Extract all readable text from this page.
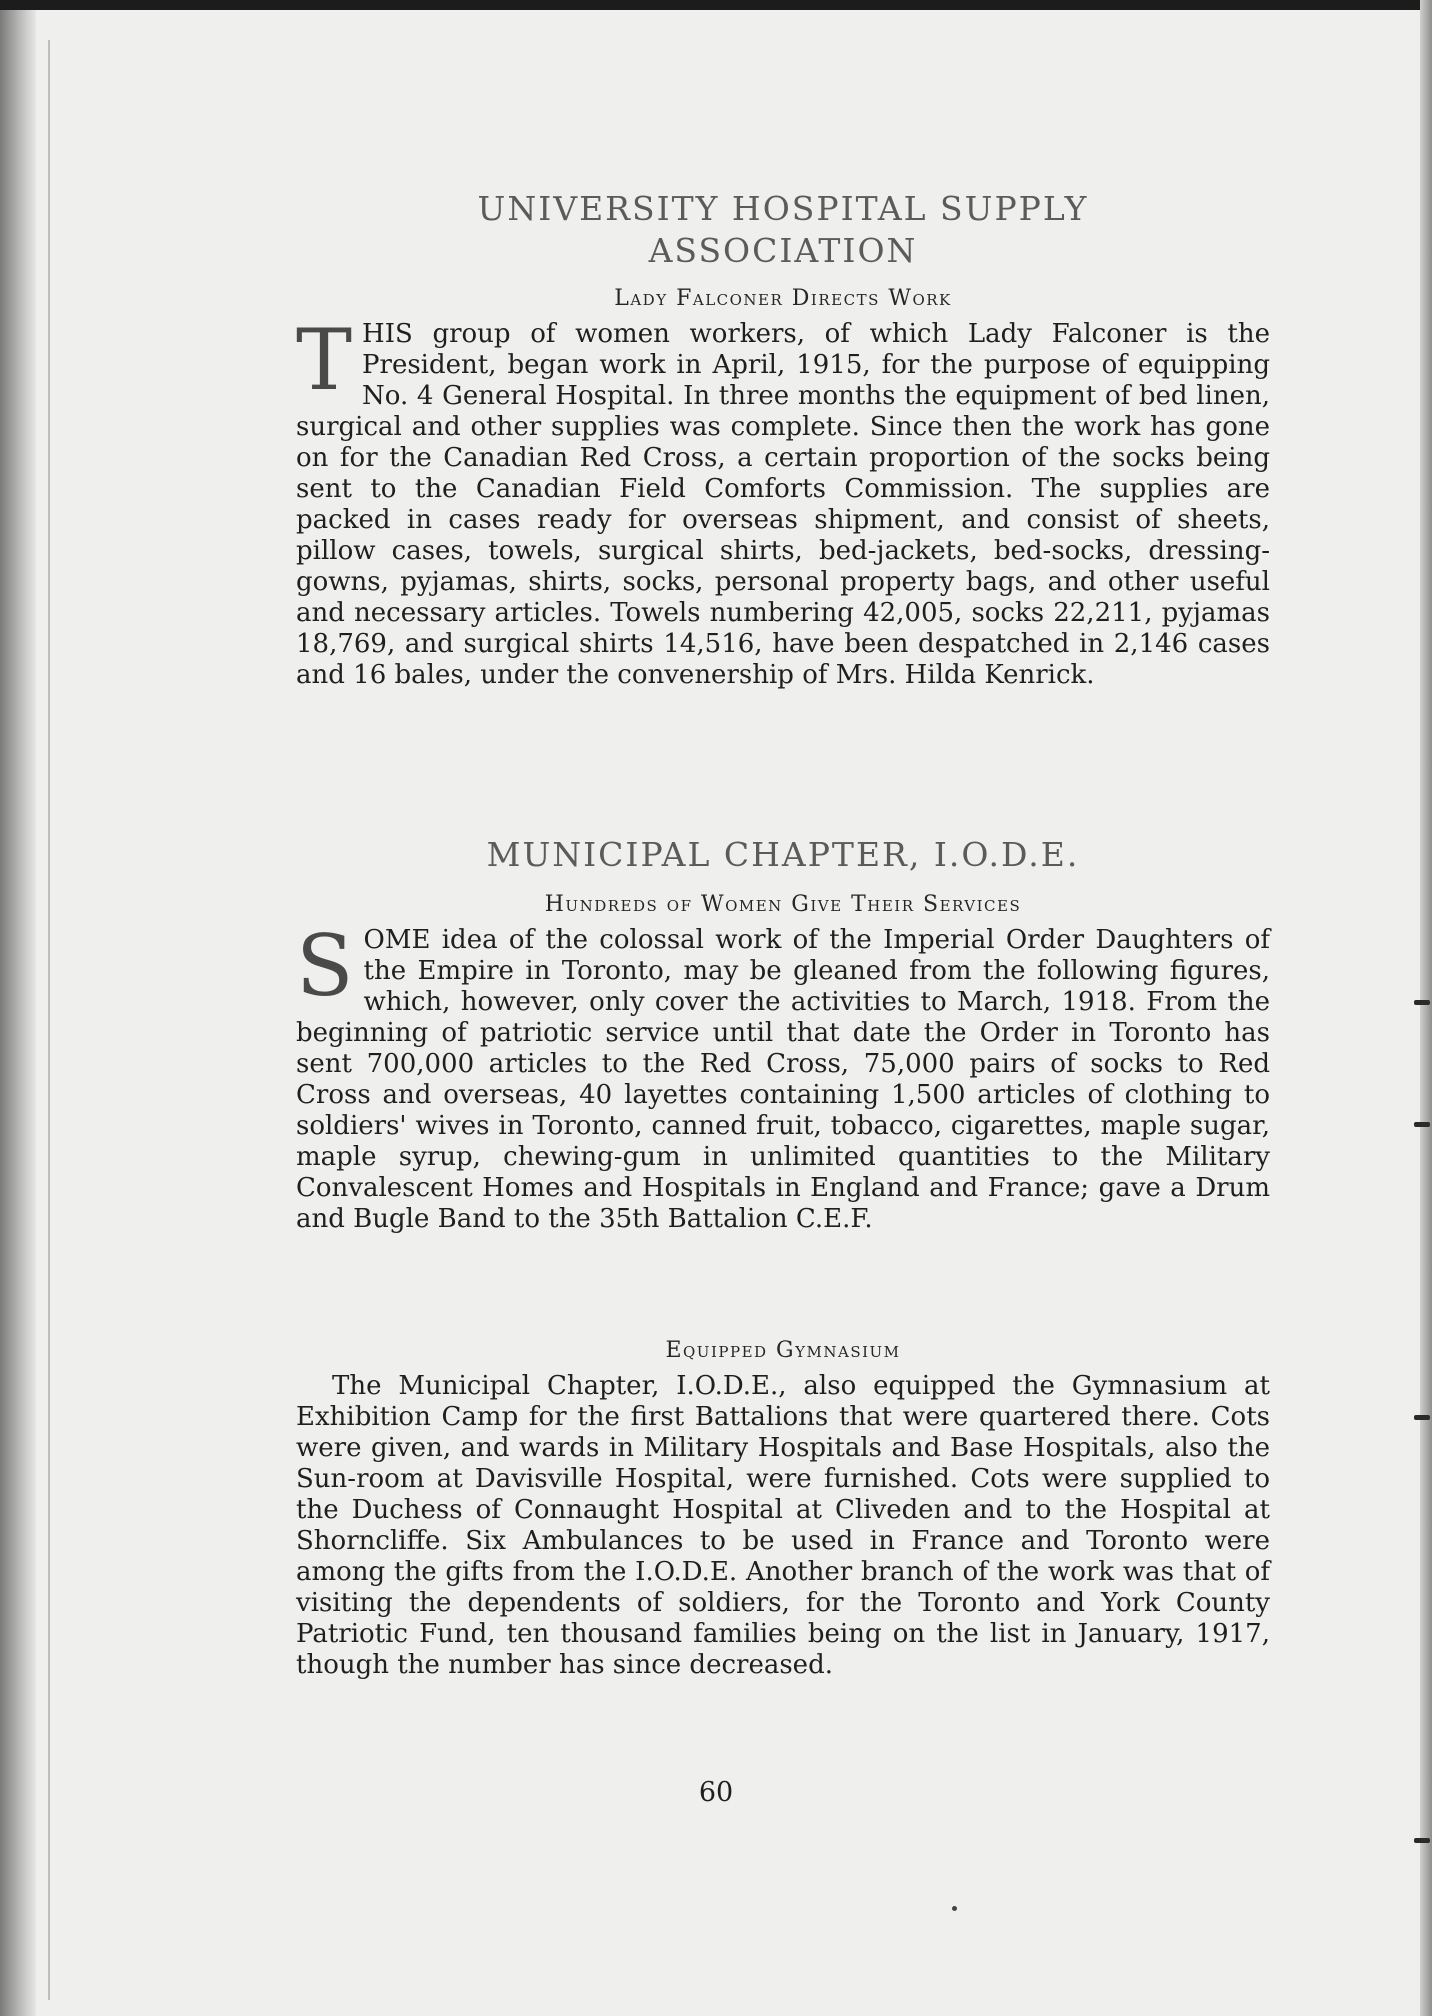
UNIVERSITY HOSPITAL SUPPLY
ASSOCIATION
Lady Falconer Directs Work

THIS group of women workers, of which Lady Falconer is the President, began work in April, 1915, for the purpose of equipping No. 4 General Hospital. In three months the equipment of bed linen, surgical and other supplies was complete. Since then the work has gone on for the Canadian Red Cross, a certain proportion of the socks being sent to the Canadian Field Comforts Commission. The supplies are packed in cases ready for overseas shipment, and consist of sheets, pillow cases, towels, surgical shirts, bed-jackets, bed-socks, dressing-gowns, pyjamas, shirts, socks, personal property bags, and other useful and necessary articles. Towels numbering 42,005, socks 22,211, pyjamas 18,769, and surgical shirts 14,516, have been despatched in 2,146 cases and 16 bales, under the convenership of Mrs. Hilda Kenrick.

MUNICIPAL CHAPTER, I.O.D.E.
Hundreds of Women Give Their Services

SOME idea of the colossal work of the Imperial Order Daughters of the Empire in Toronto, may be gleaned from the following figures, which, however, only cover the activities to March, 1918. From the beginning of patriotic service until that date the Order in Toronto has sent 700,000 articles to the Red Cross, 75,000 pairs of socks to Red Cross and overseas, 40 layettes containing 1,500 articles of clothing to soldiers' wives in Toronto, canned fruit, tobacco, cigarettes, maple sugar, maple syrup, chewing-gum in unlimited quantities to the Military Convalescent Homes and Hospitals in England and France; gave a Drum and Bugle Band to the 35th Battalion C.E.F.

Equipped Gymnasium

The Municipal Chapter, I.O.D.E., also equipped the Gymnasium at Exhibition Camp for the first Battalions that were quartered there. Cots were given, and wards in Military Hospitals and Base Hospitals, also the Sun-room at Davisville Hospital, were furnished. Cots were supplied to the Duchess of Connaught Hospital at Cliveden and to the Hospital at Shorncliffe. Six Ambulances to be used in France and Toronto were among the gifts from the I.O.D.E. Another branch of the work was that of visiting the dependents of soldiers, for the Toronto and York County Patriotic Fund, ten thousand families being on the list in January, 1917, though the number has since decreased.

60
